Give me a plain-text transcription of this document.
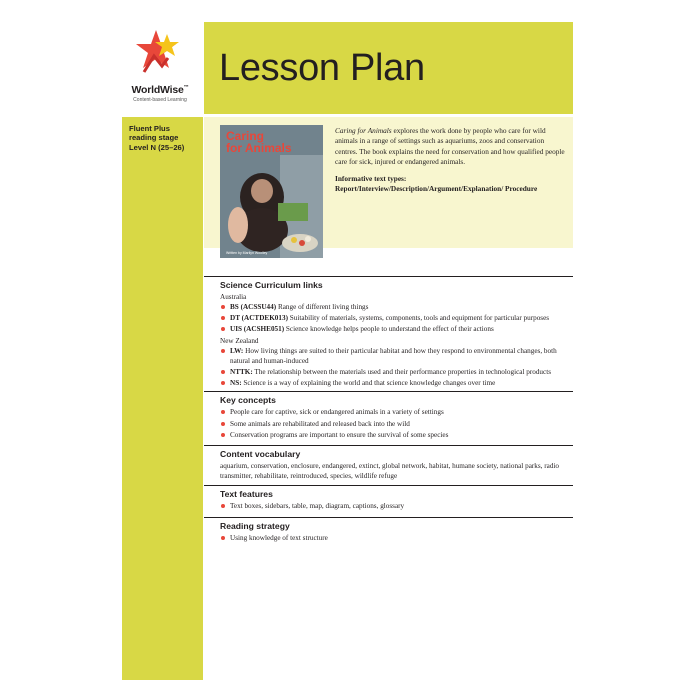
WorldWise™
Content-based Learning
Lesson Plan
Fluent Plus
reading stage
Level N (25–26)
Caring
for Animals
Written by Marilyn Woolley

Caring for Animals explores the work done by people who care for wild animals in a range of settings such as aquariums, zoos and conservation centres. The book explains the need for conservation and how qualified people care for sick, injured or endangered animals.

Informative text types:

Report/Interview/Description/Argument/Explanation/ Procedure

Science Curriculum links
Australia
BS (ACSSU44) Range of different living things
DT (ACTDEK013) Suitability of materials, systems, components, tools and equipment for particular purposes
UIS (ACSHE051) Science knowledge helps people to understand the effect of their actions
New Zealand
LW: How living things are suited to their particular habitat and how they respond to environmental changes, both natural and human-induced
NTTK: The relationship between the materials used and their performance properties in technological products
NS: Science is a way of explaining the world and that science knowledge changes over time
Key concepts
People care for captive, sick or endangered animals in a variety of settings
Some animals are rehabilitated and released back into the wild
Conservation programs are important to ensure the survival of some species
Content vocabulary

aquarium, conservation, enclosure, endangered, extinct, global network, habitat, humane society, national parks, radio transmitter, rehabilitate, reintroduced, species, wildlife refuge

Text features
Text boxes, sidebars, table, map, diagram, captions, glossary
Reading strategy
Using knowledge of text structure
